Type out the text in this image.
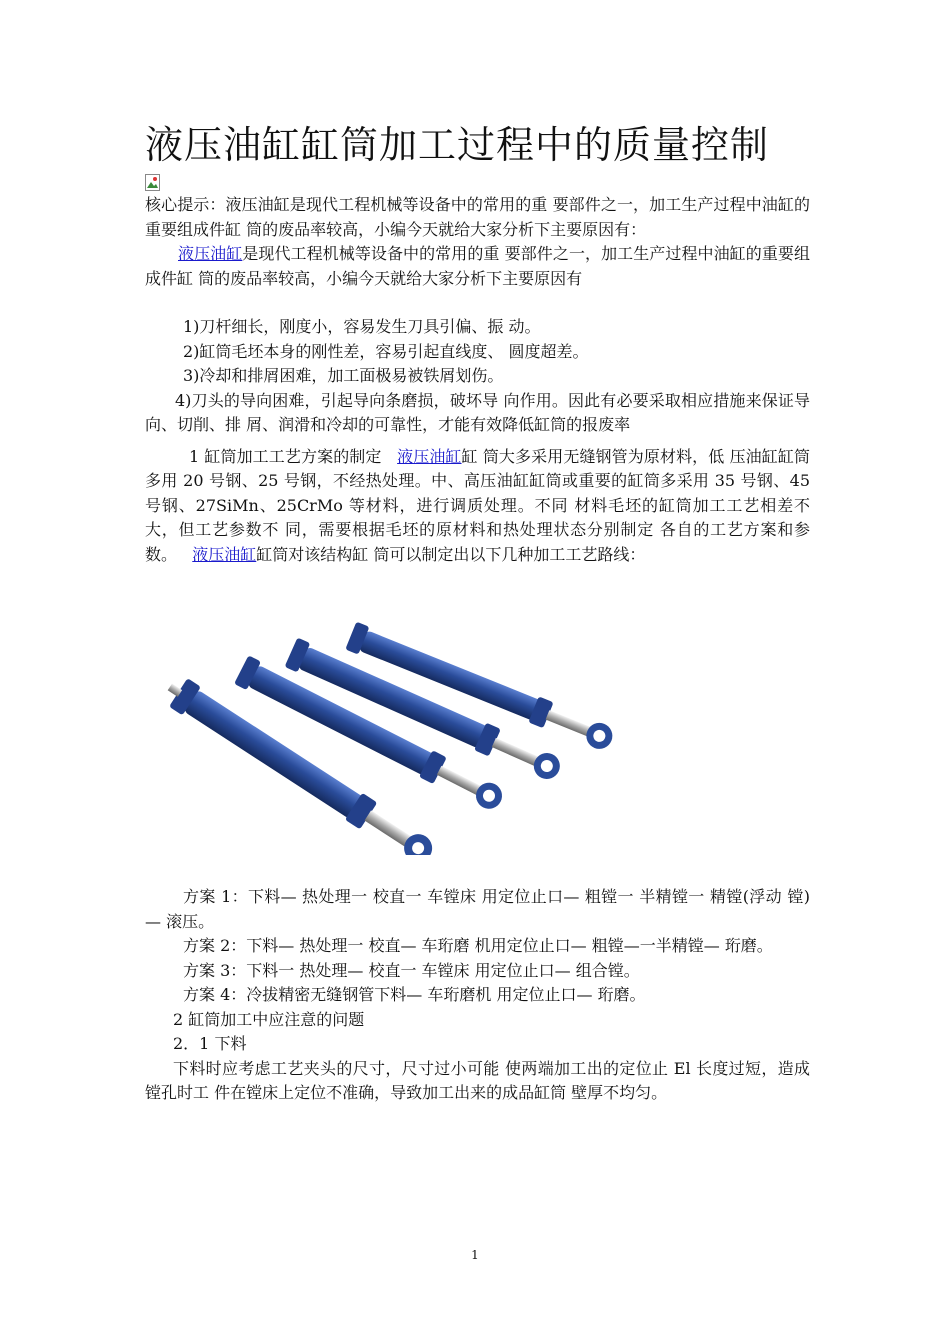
液压油缸缸筒加工过程中的质量控制

核心提示：液压油缸是现代工程机械等设备中的常用的重 要部件之一，加工生产过程中油缸的重要组成件缸 筒的废品率较高，小编今天就给大家分析下主要原因有：

液压油缸是现代工程机械等设备中的常用的重 要部件之一，加工生产过程中油缸的重要组成件缸 筒的废品率较高，小编今天就给大家分析下主要原因有

1)刀杆细长，刚度小，容易发生刀具引偏、振 动。

2)缸筒毛坯本身的刚性差，容易引起直线度、 圆度超差。

3)冷却和排屑困难，加工面极易被铁屑划伤。

4)刀头的导向困难，引起导向条磨损，破坏导 向作用。因此有必要采取相应措施来保证导向、切削、排 屑、润滑和冷却的可靠性，才能有效降低缸筒的报废率

1 缸筒加工工艺方案的制定   液压油缸缸 筒大多采用无缝钢管为原材料，低 压油缸缸筒多用 20 号钢、25 号钢，不经热处理。中、高压油缸缸筒或重要的缸筒多采用 35 号钢、45 号钢、27SiMn、25CrMo 等材料，进行调质处理。不同 材料毛坯的缸筒加工工艺相差不大，但工艺参数不 同，需要根据毛坯的原材料和热处理状态分别制定 各自的工艺方案和参数。   液压油缸缸筒对该结构缸 筒可以制定出以下几种加工工艺路线：

方案 1：下料— 热处理一 校直一 车镗床 用定位止口— 粗镗一 半精镗一 精镗(浮动 镗)— 滚压。

方案 2：下料— 热处理一 校直— 车珩磨 机用定位止口— 粗镗—一半精镗— 珩磨。

方案 3：下料一 热处理— 校直一 车镗床 用定位止口— 组合镗。

方案 4：冷拔精密无缝钢管下料— 车珩磨机 用定位止口— 珩磨。

2 缸筒加工中应注意的问题

2．1 下料

下料时应考虑工艺夹头的尺寸，尺寸过小可能 使两端加工出的定位止 El 长度过短，造成镗孔时工 件在镗床上定位不准确，导致加工出来的成品缸筒 壁厚不均匀。

1
